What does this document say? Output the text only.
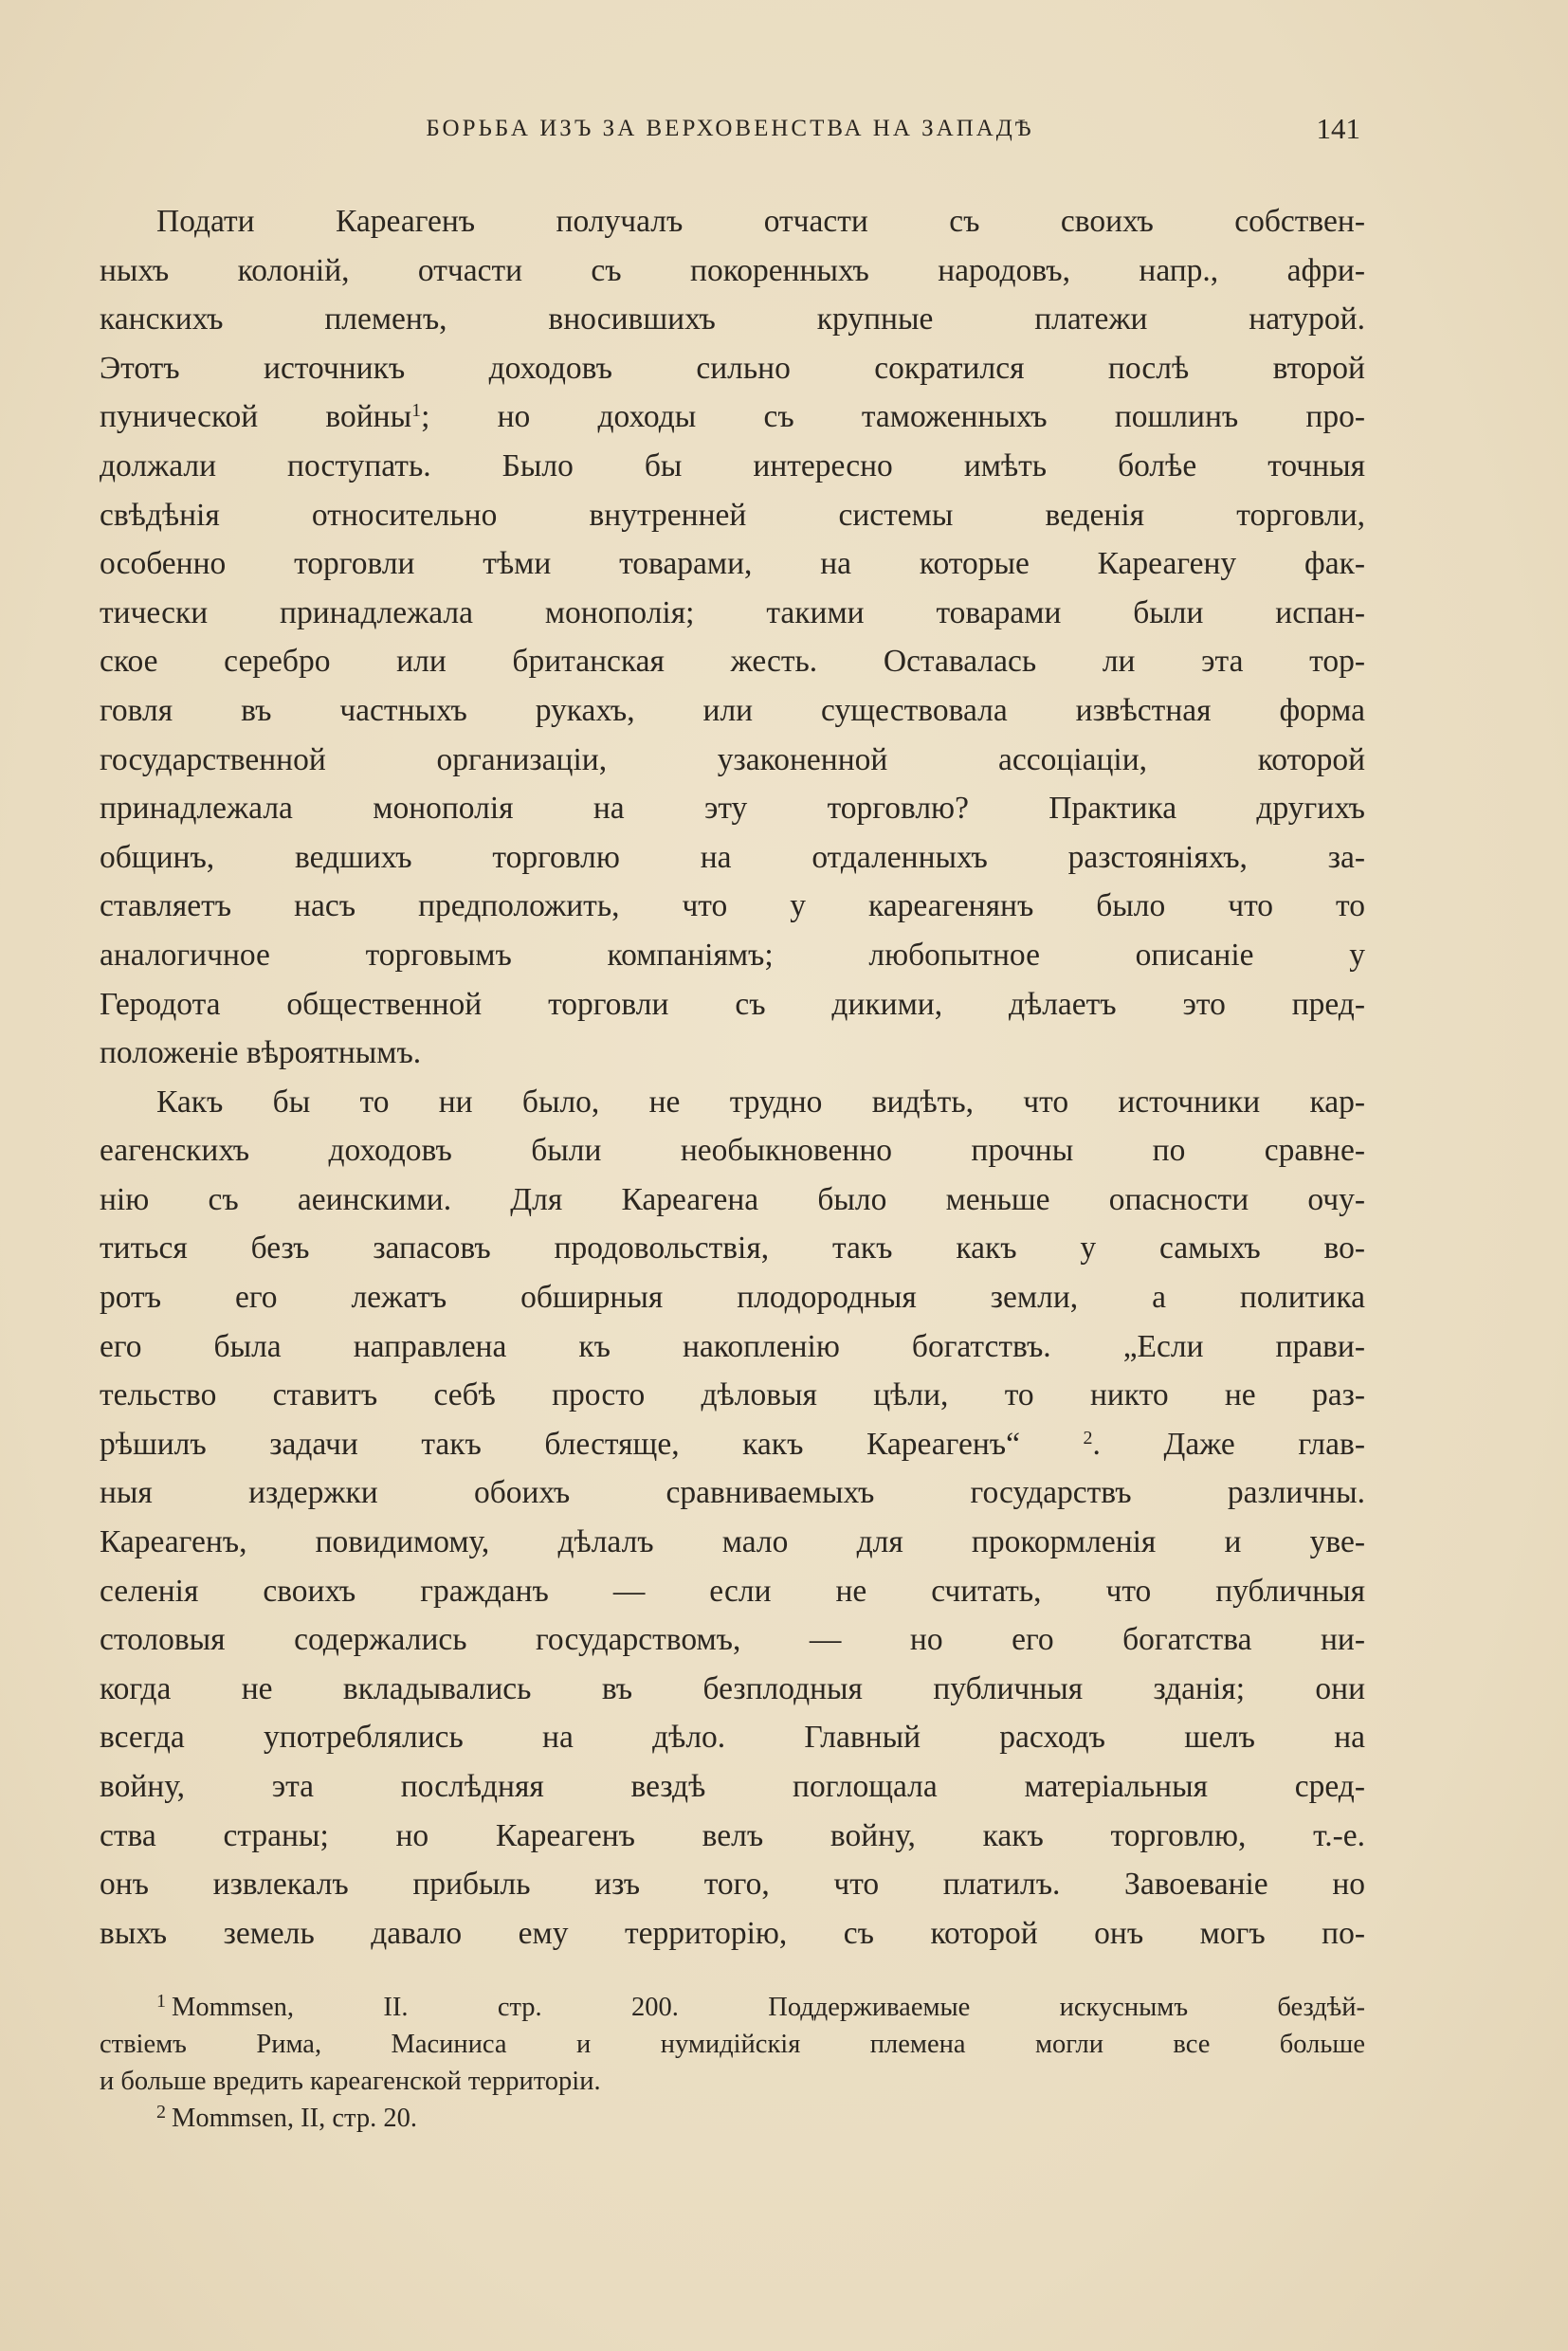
БОРЬБА ИЗЪ ЗА ВЕРХОВЕНСТВА НА ЗАПАДѢ	141
Подати Кареагенъ получалъ отчасти съ своихъ собствен-
ныхъ колоній, отчасти съ покоренныхъ народовъ, напр., афри-
канскихъ племенъ, вносившихъ крупные платежи натурой.
Этотъ источникъ доходовъ сильно сократился послѣ второй
пунической войны$^1$; но доходы съ таможенныхъ пошлинъ про-
должали поступать. Было бы интересно имѣть болѣе точныя
свѣдѣнія относительно внутренней системы веденія торговли,
особенно торговли тѣми товарами, на которые Кареагену фак-
тически принадлежала монополія; такими товарами были испан-
ское серебро или британская жесть. Оставалась ли эта тор-
говля въ частныхъ рукахъ, или существовала извѣстная форма
государственной организаціи, узаконенной ассоціаціи, которой
принадлежала монополія на эту торговлю? Практика другихъ
общинъ, ведшихъ торговлю на отдаленныхъ разстояніяхъ, за-
ставляетъ насъ предположить, что у кареагенянъ было что то
аналогичное торговымъ компаніямъ; любопытное описаніе у
Геродота общественной торговли съ дикими, дѣлаетъ это пред-
положеніе вѣроятнымъ.
Какъ бы то ни было, не трудно видѣть, что источники кар-
еагенскихъ доходовъ были необыкновенно прочны по сравне-
нію съ аеинскими. Для Кареагена было меньше опасности очу-
титься безъ запасовъ продовольствія, такъ какъ у самыхъ во-
ротъ его лежатъ обширныя плодородныя земли, а политика
его была направлена къ накопленію богатствъ. „Если прави-
тельство ставитъ себѣ просто дѣловыя цѣли, то никто не раз-
рѣшилъ задачи такъ блестяще, какъ Кареагенъ“	$^2$. Даже глав-
ныя издержки обоихъ сравниваемыхъ государствъ различны.
Кареагенъ, повидимому, дѣлалъ мало для прокормленія и уве-
селенія своихъ гражданъ — если не считать, что публичныя
столовыя содержались государствомъ, — но его богатства ни-
когда не вкладывались въ безплодныя публичныя зданія; они
всегда употреблялись на дѣло. Главный расходъ шелъ на
войну, эта послѣдняя вездѣ поглощала матеріальныя сред-
ства страны; но Кареагенъ велъ войну, какъ торговлю, т.-е.
онъ извлекалъ прибыль изъ того, что платилъ. Завоеваніе но
выхъ земель давало ему территорію, съ которой онъ могъ по-
$^1$ Mommsen, II. стр. 200. Поддерживаемые искуснымъ бездѣй-
ствіемъ Рима, Масиниса и нумидійскія племена могли все больше
и больше вредить кареагенской территоріи.
$^2$ Mommsen, II, стр. 20.
